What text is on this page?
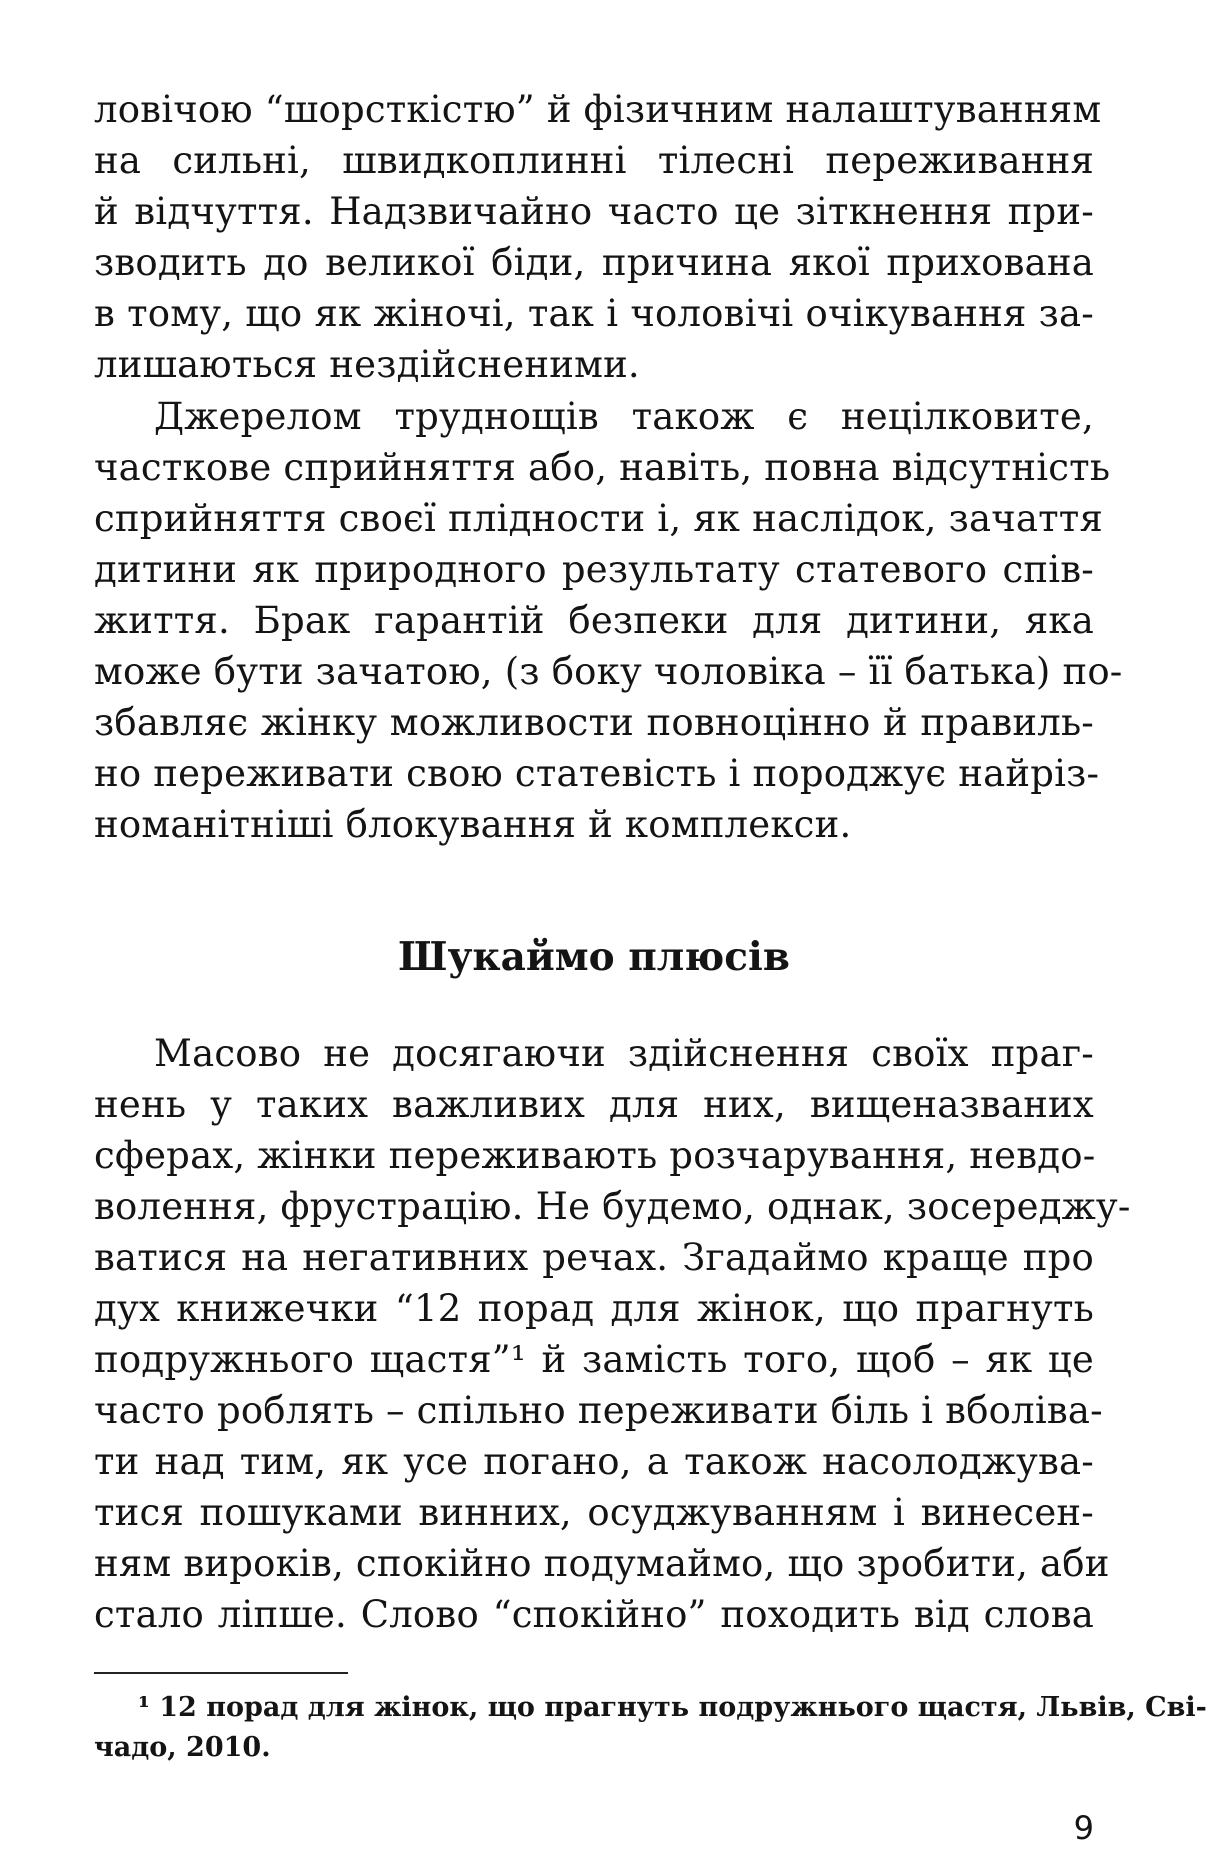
ловічою “шорсткістю” й фізичним налаштуванням
на сильні, швидкоплинні тілесні переживання
й відчуття. Надзвичайно часто це зіткнення при-
зводить до великої біди, причина якої прихована
в тому, що як жіночі, так і чоловічі очікування за-
лишаються нездійсненими.
Джерелом труднощів також є нецілковите,
часткове сприйняття або, навіть, повна відсутність
сприйняття своєї плідности і, як наслідок, зачаття
дитини як природного результату статевого спів-
життя. Брак гарантій безпеки для дитини, яка
може бути зачатою, (з боку чоловіка – її батька) по-
збавляє жінку можливости повноцінно й правиль-
но переживати свою статевість і породжує найріз-
номанітніші блокування й комплекси.
Шукаймо плюсів
Масово не досягаючи здійснення своїх праг-
нень у таких важливих для них, вищеназваних
сферах, жінки переживають розчарування, невдо-
волення, фрустрацію. Не будемо, однак, зосереджу-
ватися на негативних речах. Згадаймо краще про
дух книжечки “12 порад для жінок, що прагнуть
подружнього щастя”¹ й замість того, щоб – як це
часто роблять – спільно переживати біль і вболіва-
ти над тим, як усе погано, а також насолоджува-
тися пошуками винних, осуджуванням і винесен-
ням вироків, спокійно подумаймо, що зробити, аби
стало ліпше. Слово “спокійно” походить від слова
¹ 12 порад для жінок, що прагнуть подружнього щастя, Львів, Сві-
чадо, 2010.
9
